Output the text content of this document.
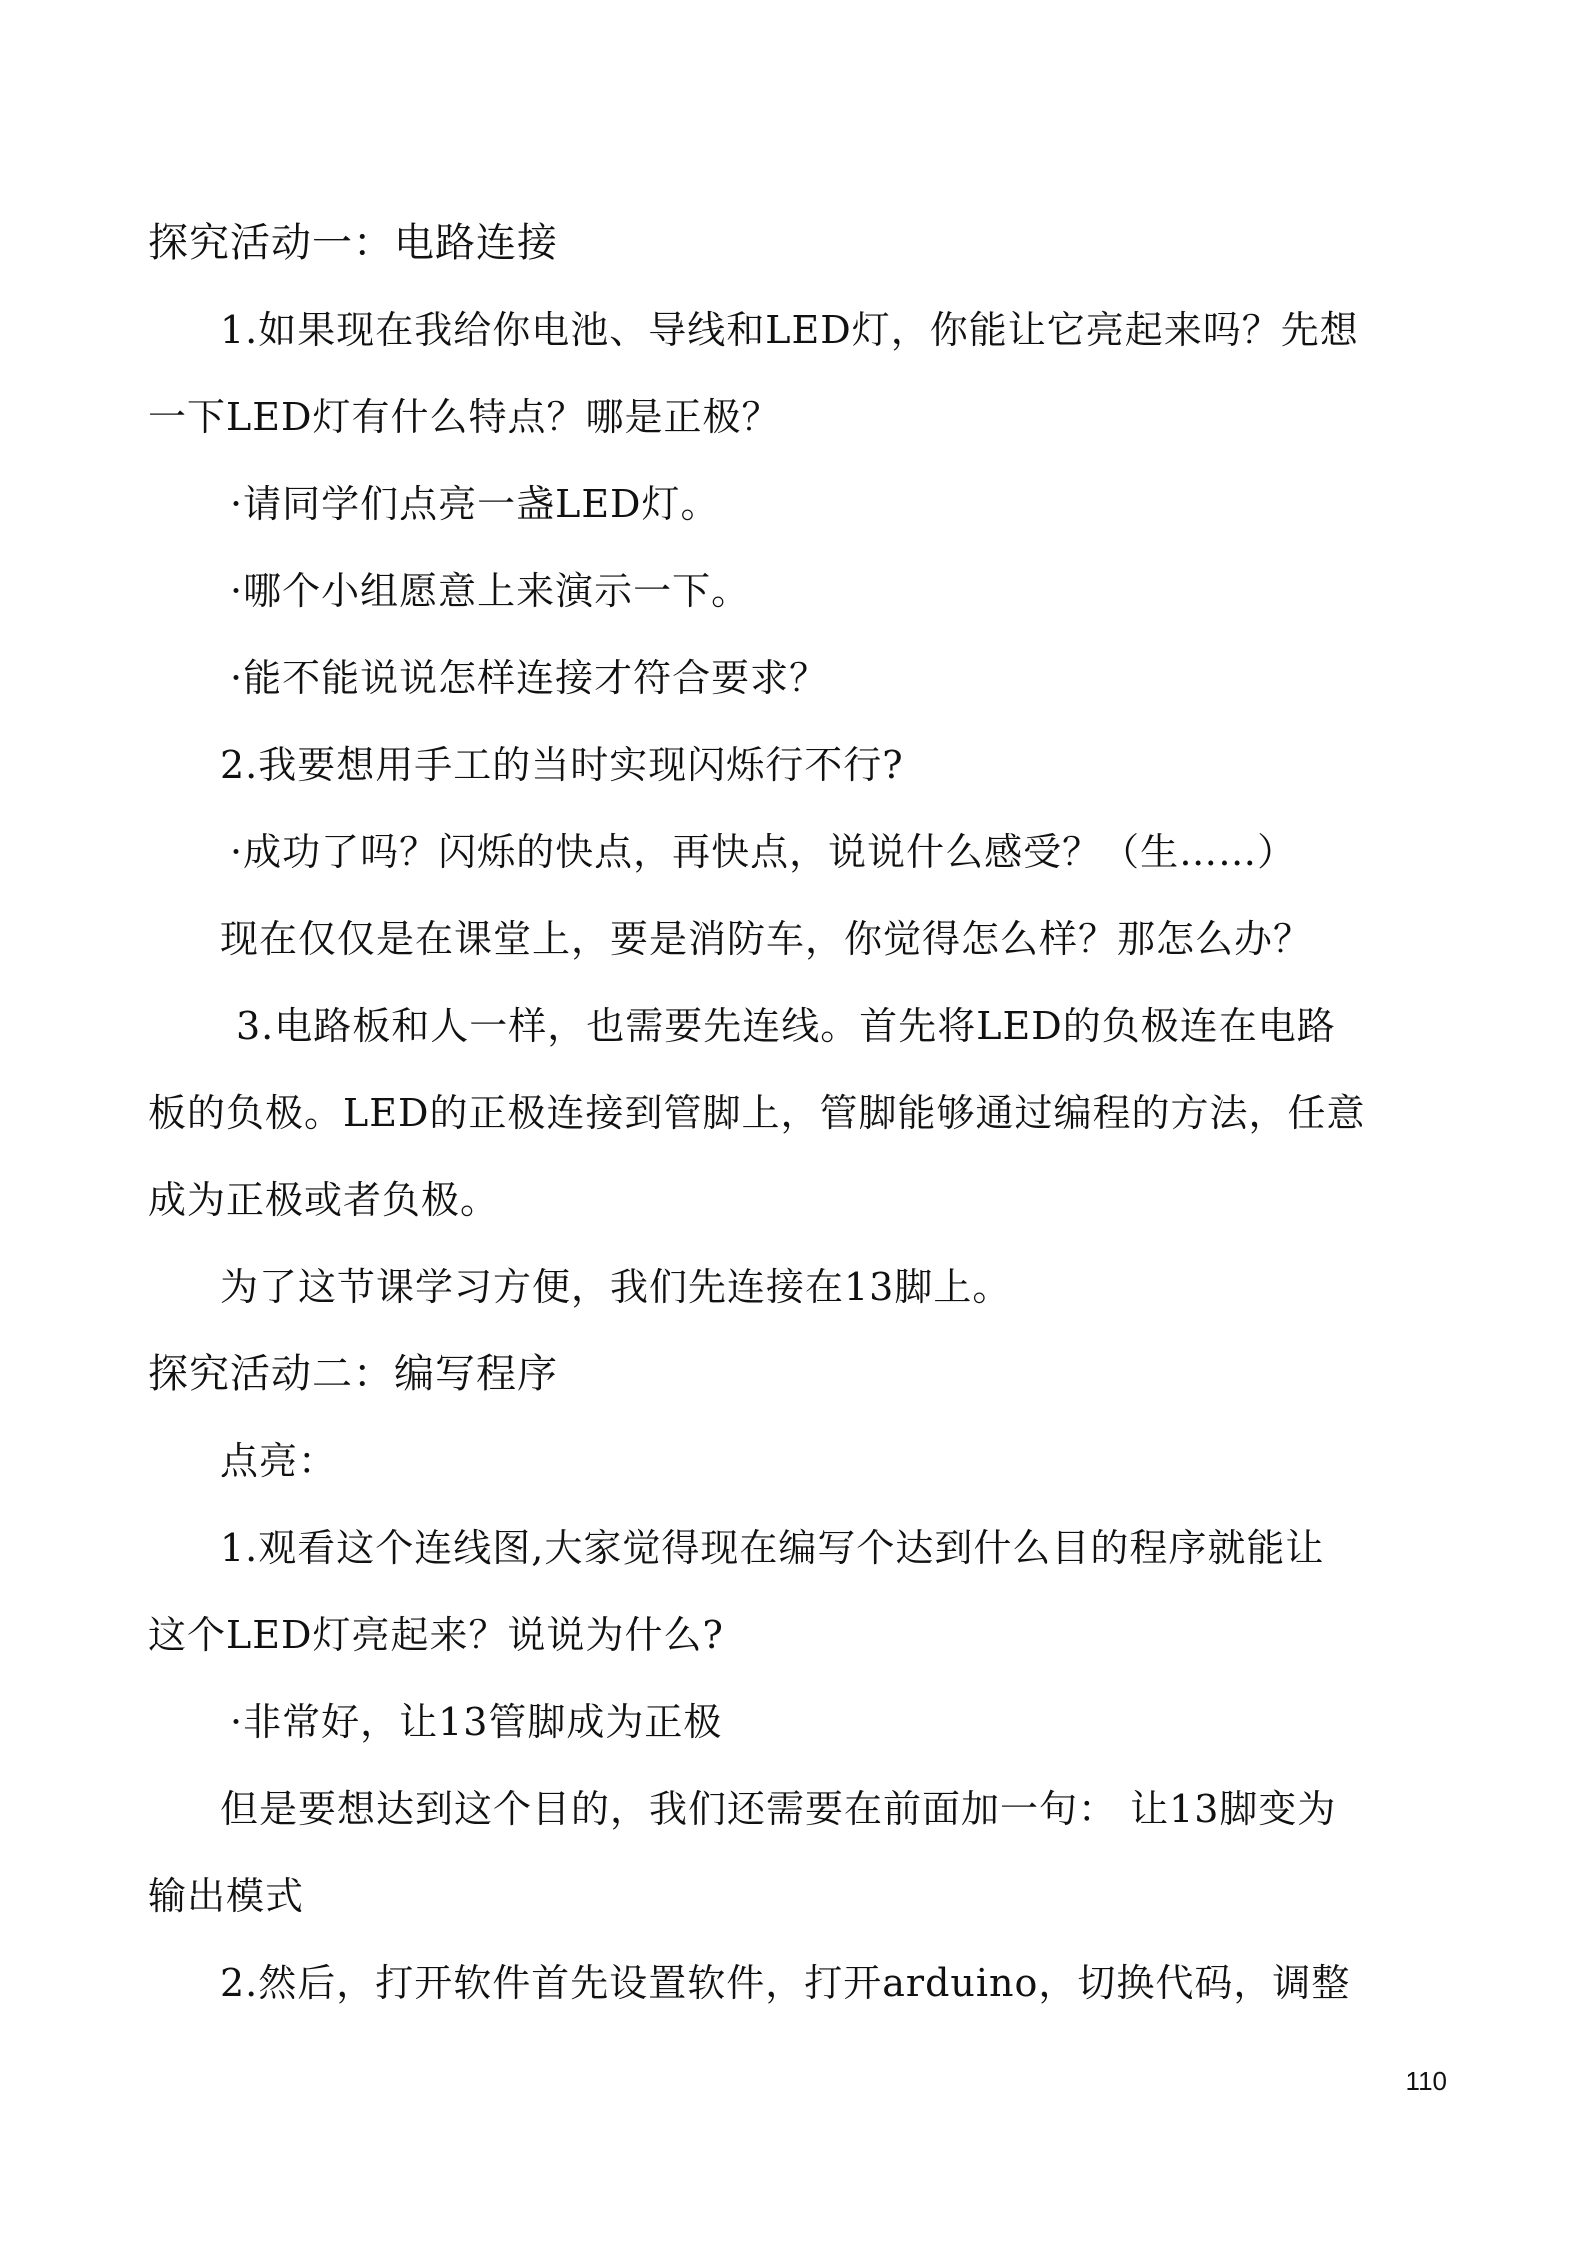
探究活动一：电路连接
1.如果现在我给你电池、导线和LED灯，你能让它亮起来吗？先想
一下LED灯有什么特点？哪是正极？
·请同学们点亮一盏LED灯。
·哪个小组愿意上来演示一下。
·能不能说说怎样连接才符合要求？
2.我要想用手工的当时实现闪烁行不行?
·成功了吗？闪烁的快点，再快点，说说什么感受？（生……）
现在仅仅是在课堂上，要是消防车，你觉得怎么样？那怎么办？
3.电路板和人一样，也需要先连线。首先将LED的负极连在电路
板的负极。LED的正极连接到管脚上，管脚能够通过编程的方法，任意
成为正极或者负极。
为了这节课学习方便，我们先连接在13脚上。
探究活动二：编写程序
点亮：
1.观看这个连线图,大家觉得现在编写个达到什么目的程序就能让
这个LED灯亮起来？说说为什么?
·非常好，让13管脚成为正极
但是要想达到这个目的，我们还需要在前面加一句： 让13脚变为
输出模式
2.然后，打开软件首先设置软件，打开arduino，切换代码，调整
110
